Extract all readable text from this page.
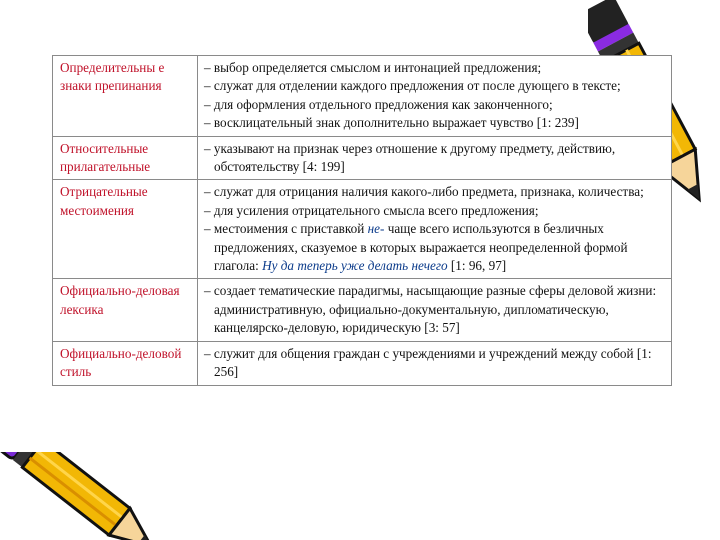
Определительны е знаки препинания	– выбор определяется смыслом и интонацией предложения;
– служат для отделении каждого предложения от после дующего в тексте;
– для оформления отдельного предложения как законченного;
– восклицательный знак дополнительно выражает чувство [1: 239]

Относительные прилагательные	– указывают на признак через отношение к другому предмету, действию, обстоятельству [4: 199]

Отрицательные местоимения	– служат для отрицания наличия какого-либо предмета, признака, количества;
– для усиления отрицательного смысла всего предложения;
– местоимения с приставкой не- чаще всего используются в безличных предложениях, сказуемое в которых выражается неопределенной формой глагола: Ну да теперь уже делать нечего [1: 96, 97]

Официально-деловая лексика	– создает тематические парадигмы, насыщающие разные сферы деловой жизни: административную, официально-документальную, дипломатическую, канцелярско-деловую, юридическую [3: 57]

Официально-деловой стиль	– служит для общения граждан с учреждениями и учреждений между собой [1: 256]
